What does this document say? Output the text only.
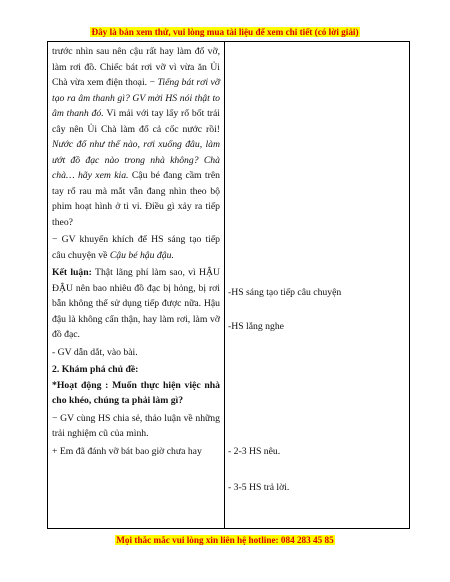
Đây là bản xem thử, vui lòng mua tài liệu để xem chi tiết (có lời giải)

trước nhìn sau nên cậu rất hay làm đổ vỡ, làm rơi đồ. Chiếc bát rơi vỡ vì vừa ăn Ủi Chà vừa xem điện thoại. − Tiếng bát rơi vỡ tạo ra âm thanh gì? GV mời HS nói thật to âm thanh đó. Vì mải với tay lấy rổ bốt trái cây nên Ủi Chà làm đổ cả cốc nước rồi! Nước đổ như thế nào, rơi xuống đâu, làm ướt đồ đạc nào trong nhà không? Chà chà… hãy xem kia. Cậu bé đang cầm trên tay rổ rau mà mắt vẫn đang nhìn theo bộ phim hoạt hình ở ti vi. Điều gì xảy ra tiếp theo?

− GV khuyến khích để HS sáng tạo tiếp câu chuyện về Cậu bé hậu đậu.

Kết luận: Thật lãng phí làm sao, vì HẬU ĐẬU nên bao nhiêu đồ đạc bị hỏng, bị rơi bẫn không thể sử dụng tiếp được nữa. Hậu đậu là không cẩn thận, hay làm rơi, làm vỡ đồ đạc.

- GV dẫn dắt, vào bài.

2. Khám phá chủ đề:

*Hoạt động : Muốn thực hiện việc nhà cho khéo, chúng ta phải làm gì?

− GV cùng HS chia sẻ, thảo luận về những trải nghiệm cũ của mình.

+ Em đã đánh vỡ bát bao giờ chưa hay

-HS sáng tạo tiếp câu chuyện
-HS lắng nghe
- 2-3 HS nêu.
- 3-5 HS trả lời.
Mọi thắc mắc vui lòng xin liên hệ hotline: 084 283 45 85
